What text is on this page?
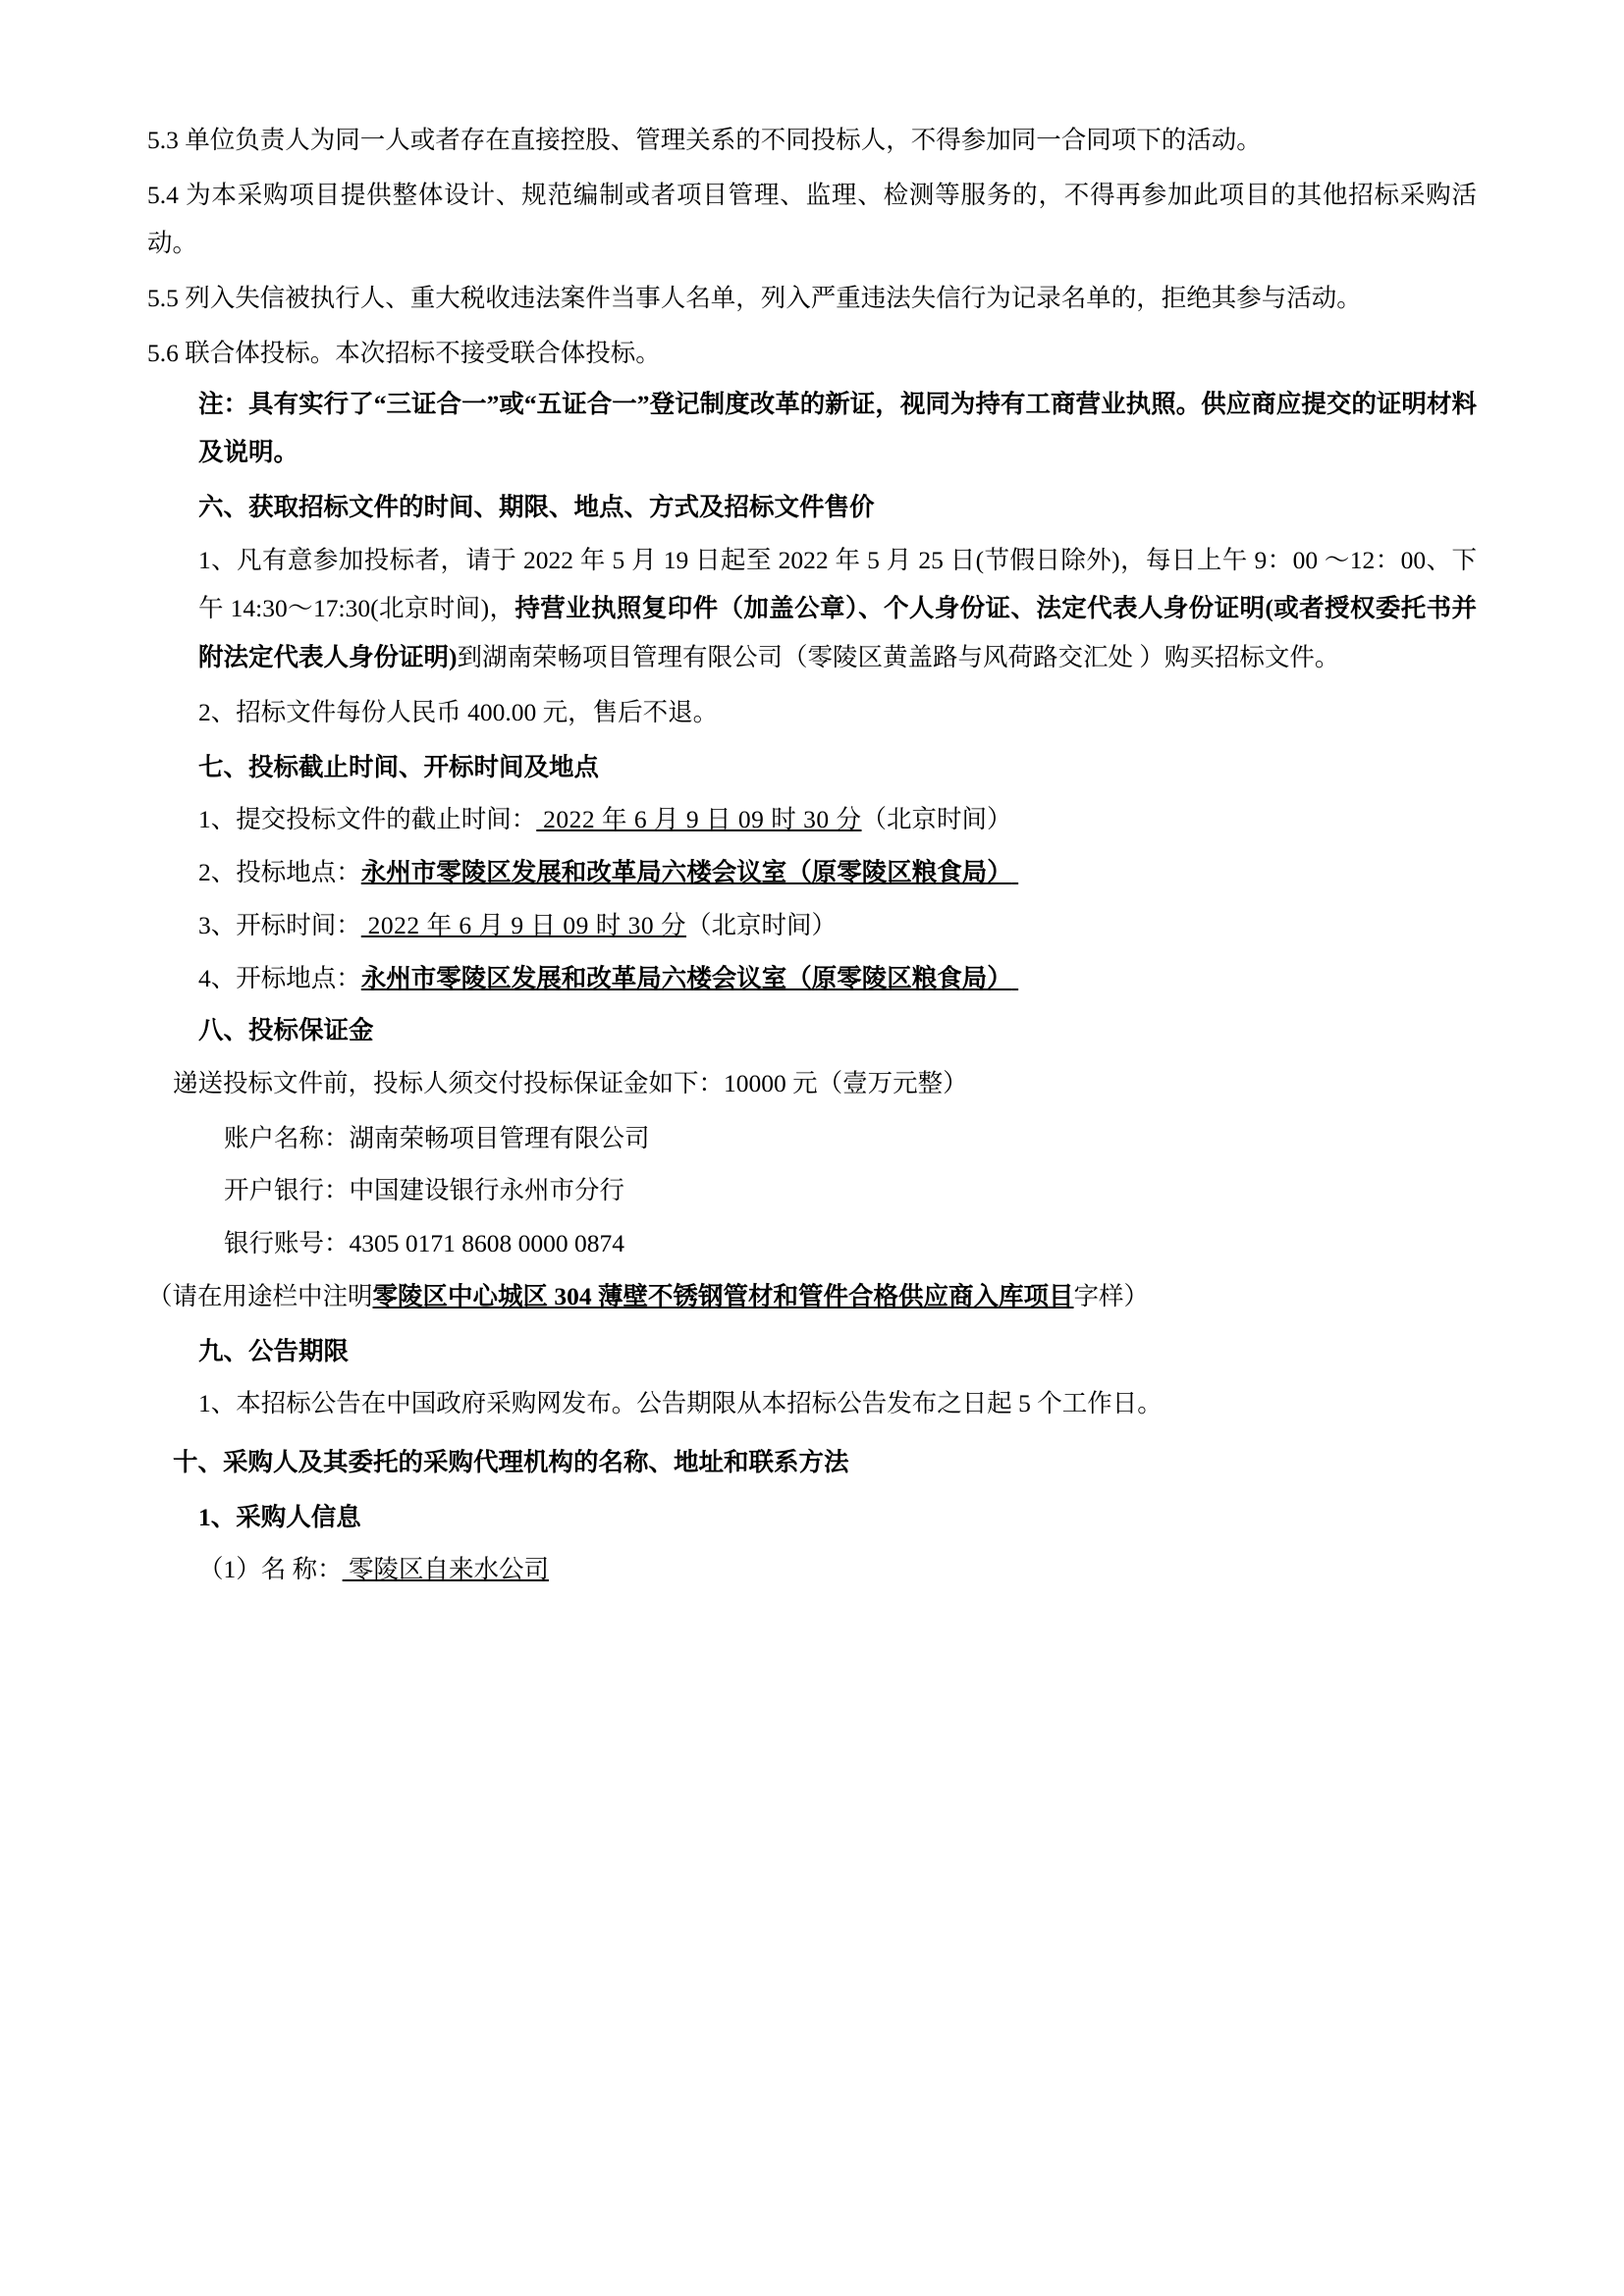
5.3 单位负责人为同一人或者存在直接控股、管理关系的不同投标人，不得参加同一合同项下的活动。

5.4 为本采购项目提供整体设计、规范编制或者项目管理、监理、检测等服务的，不得再参加此项目的其他招标采购活动。

5.5 列入失信被执行人、重大税收违法案件当事人名单，列入严重违法失信行为记录名单的，拒绝其参与活动。

5.6 联合体投标。本次招标不接受联合体投标。

注：具有实行了“三证合一”或“五证合一”登记制度改革的新证，视同为持有工商营业执照。供应商应提交的证明材料及说明。

六、获取招标文件的时间、期限、地点、方式及招标文件售价

1、凡有意参加投标者，请于 2022 年 5 月 19 日起至 2022 年 5 月 25 日(节假日除外)，每日上午 9：00 ～12：00、下午 14:30～17:30(北京时间)，持营业执照复印件（加盖公章）、个人身份证、法定代表人身份证明(或者授权委托书并附法定代表人身份证明)到湖南荣畅项目管理有限公司（零陵区黄盖路与风荷路交汇处 ）购买招标文件。

2、招标文件每份人民币 400.00 元，售后不退。

七、投标截止时间、开标时间及地点

1、提交投标文件的截止时间： 2022 年 6 月 9 日 09 时 30 分（北京时间）

2、投标地点：永州市零陵区发展和改革局六楼会议室（原零陵区粮食局）

3、开标时间： 2022 年 6 月 9 日 09 时 30 分（北京时间）

4、开标地点：永州市零陵区发展和改革局六楼会议室（原零陵区粮食局）

八、投标保证金

递送投标文件前，投标人须交付投标保证金如下：10000 元（壹万元整）

账户名称：湖南荣畅项目管理有限公司

开户银行：中国建设银行永州市分行

银行账号：4305 0171 8608 0000 0874

（请在用途栏中注明零陵区中心城区 304 薄壁不锈钢管材和管件合格供应商入库项目字样）

九、公告期限

1、本招标公告在中国政府采购网发布。公告期限从本招标公告发布之日起 5 个工作日。

十、采购人及其委托的采购代理机构的名称、地址和联系方法

1、采购人信息

（1）名 称： 零陵区自来水公司
